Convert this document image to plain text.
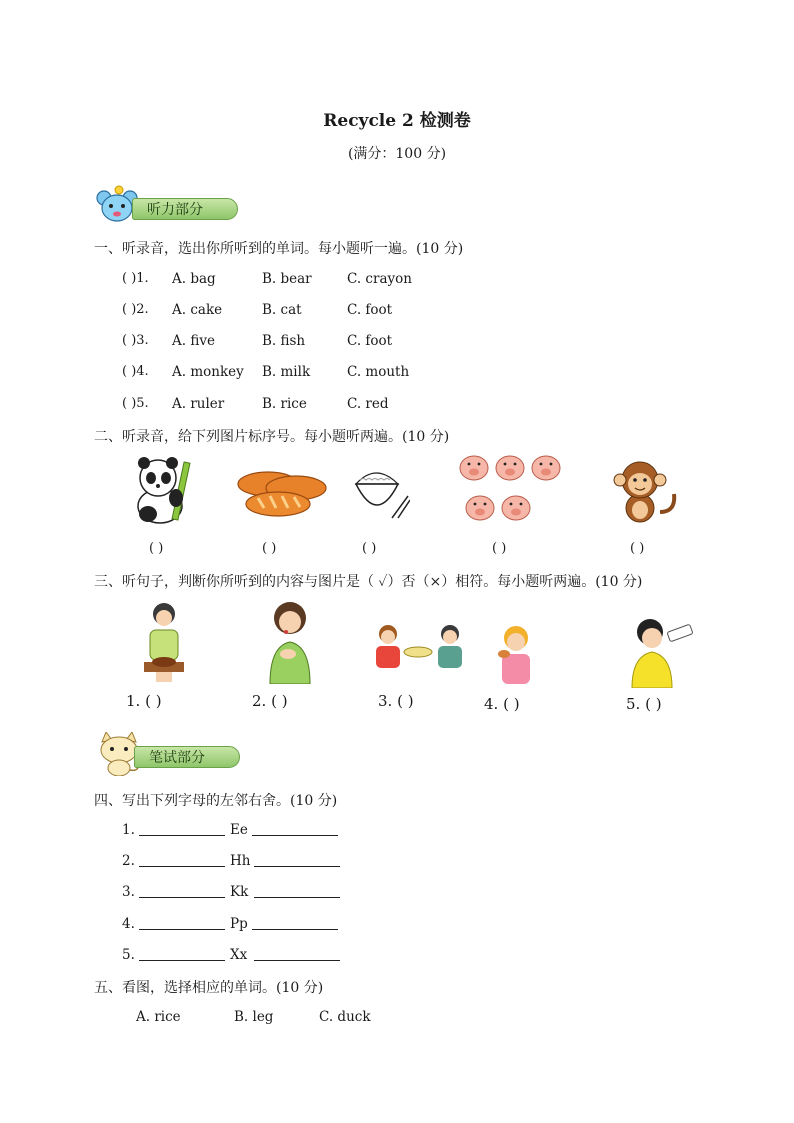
Recycle 2 检测卷
(满分：100 分)
听力部分
一、听录音，选出你所听到的单词。每小题听一遍。(10 分)
( )1. A. bag	B. bear	C. crayon
( )2. A. cake	B. cat	C. foot
( )3. A. five	B. fish	C. foot
( )4. A. monkey B. milk	C. mouth
( )5. A. ruler	B. rice	C. red
二、听录音，给下列图片标序号。每小题听两遍。(10 分)
( )	( )	( )	( )	( )
三、听句子，判断你所听到的内容与图片是（ ✓）否（×）相符。每小题听两遍。(10 分)
1. ( )	2. ( )	3. ( )	4. ( )	5. ( )
笔试部分
四、写出下列字母的左邻右舍。(10 分)
1.	Ee
2.	Hh
3.	Kk
4.	Pp
5.	Xx
五、看图，选择相应的单词。(10 分)
A. rice	B. leg	C. duck
